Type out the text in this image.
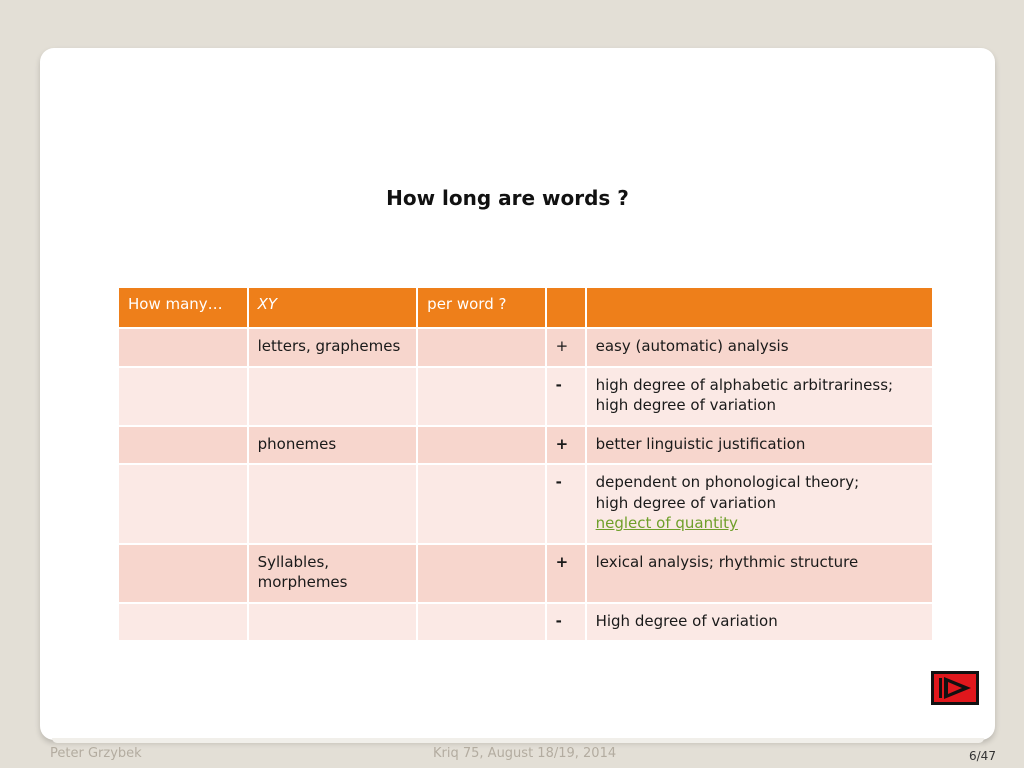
How long are words ?
How many…	XY	per word ?		
	letters, graphemes		+	easy (automatic) analysis

			-	high degree of alphabetic arbitrariness;
high degree of variation

	phonemes		+	better linguistic justification

			-	dependent on phonological theory;
high degree of variation
neglect of quantity

	Syllables, morphemes		+	lexical analysis; rhythmic structure

			-	High degree of variation
Peter Grzybek	Kriq 75, August 18/19, 2014	6/47
